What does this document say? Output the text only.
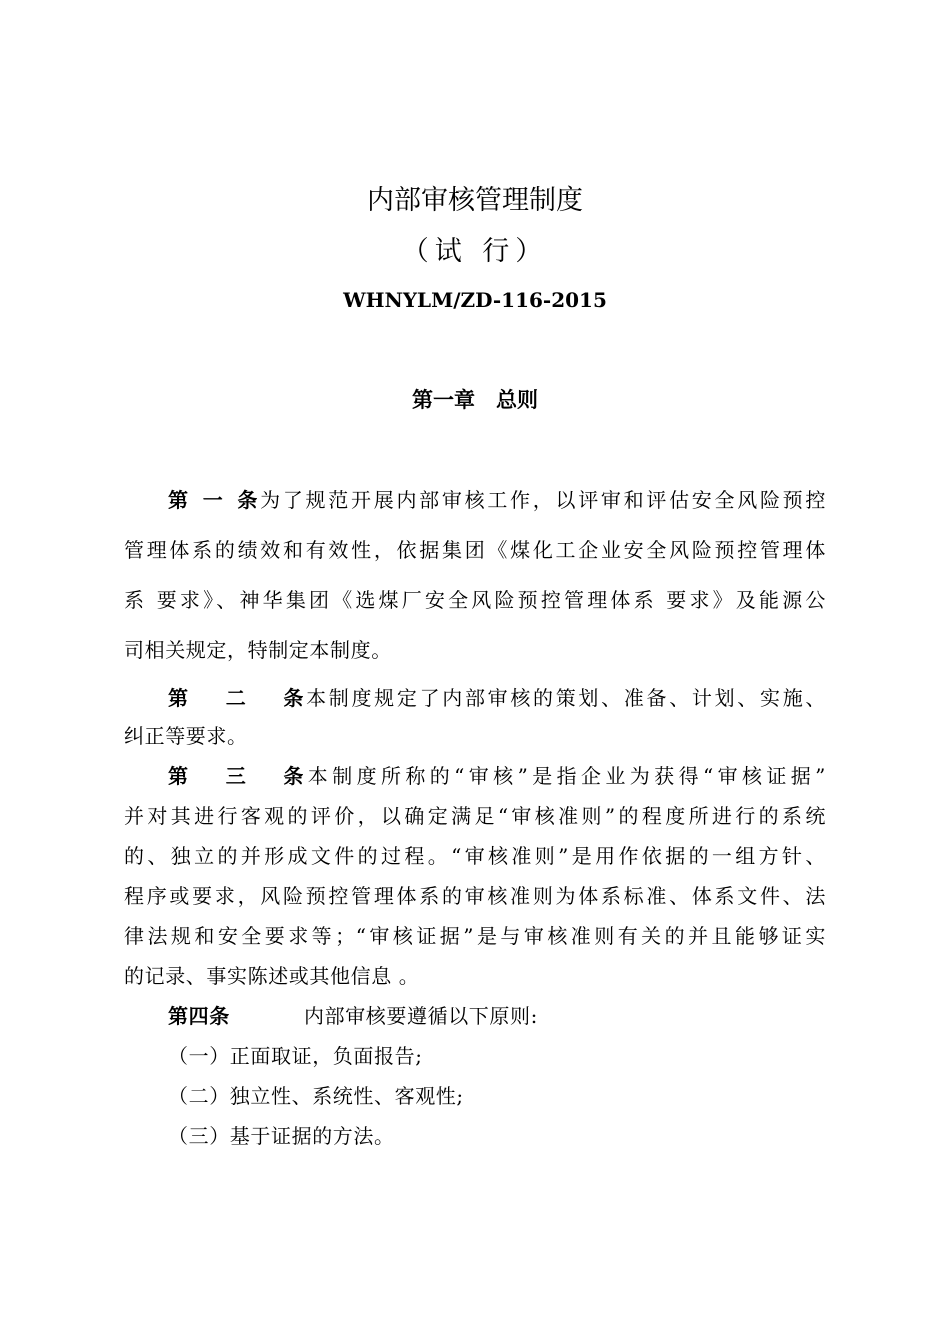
内部审核管理制度
（试 行）
WHNYLM/ZD-116-2015
第一章　总则
第一条为了规范开展内部审核工作，以评审和评估安全风险预控
管理体系的绩效和有效性，依据集团《煤化工企业安全风险预控管理体
系 要求》、神华集团《选煤厂安全风险预控管理体系 要求》及能源公
司相关规定，特制定本制度。
第二条本制度规定了内部审核的策划、准备、计划、实施、
纠正等要求。
第三条本制度所称的“审核”是指企业为获得“审核证据”
并对其进行客观的评价，以确定满足“审核准则”的程度所进行的系统
的、独立的并形成文件的过程。“审核准则”是用作依据的一组方针、
程序或要求，风险预控管理体系的审核准则为体系标准、体系文件、法
律法规和安全要求等；“审核证据”是与审核准则有关的并且能够证实
的记录、事实陈述或其他信息 。
第四条	内部审核要遵循以下原则:
（一）正面取证，负面报告;
（二）独立性、系统性、客观性;
（三）基于证据的方法。
